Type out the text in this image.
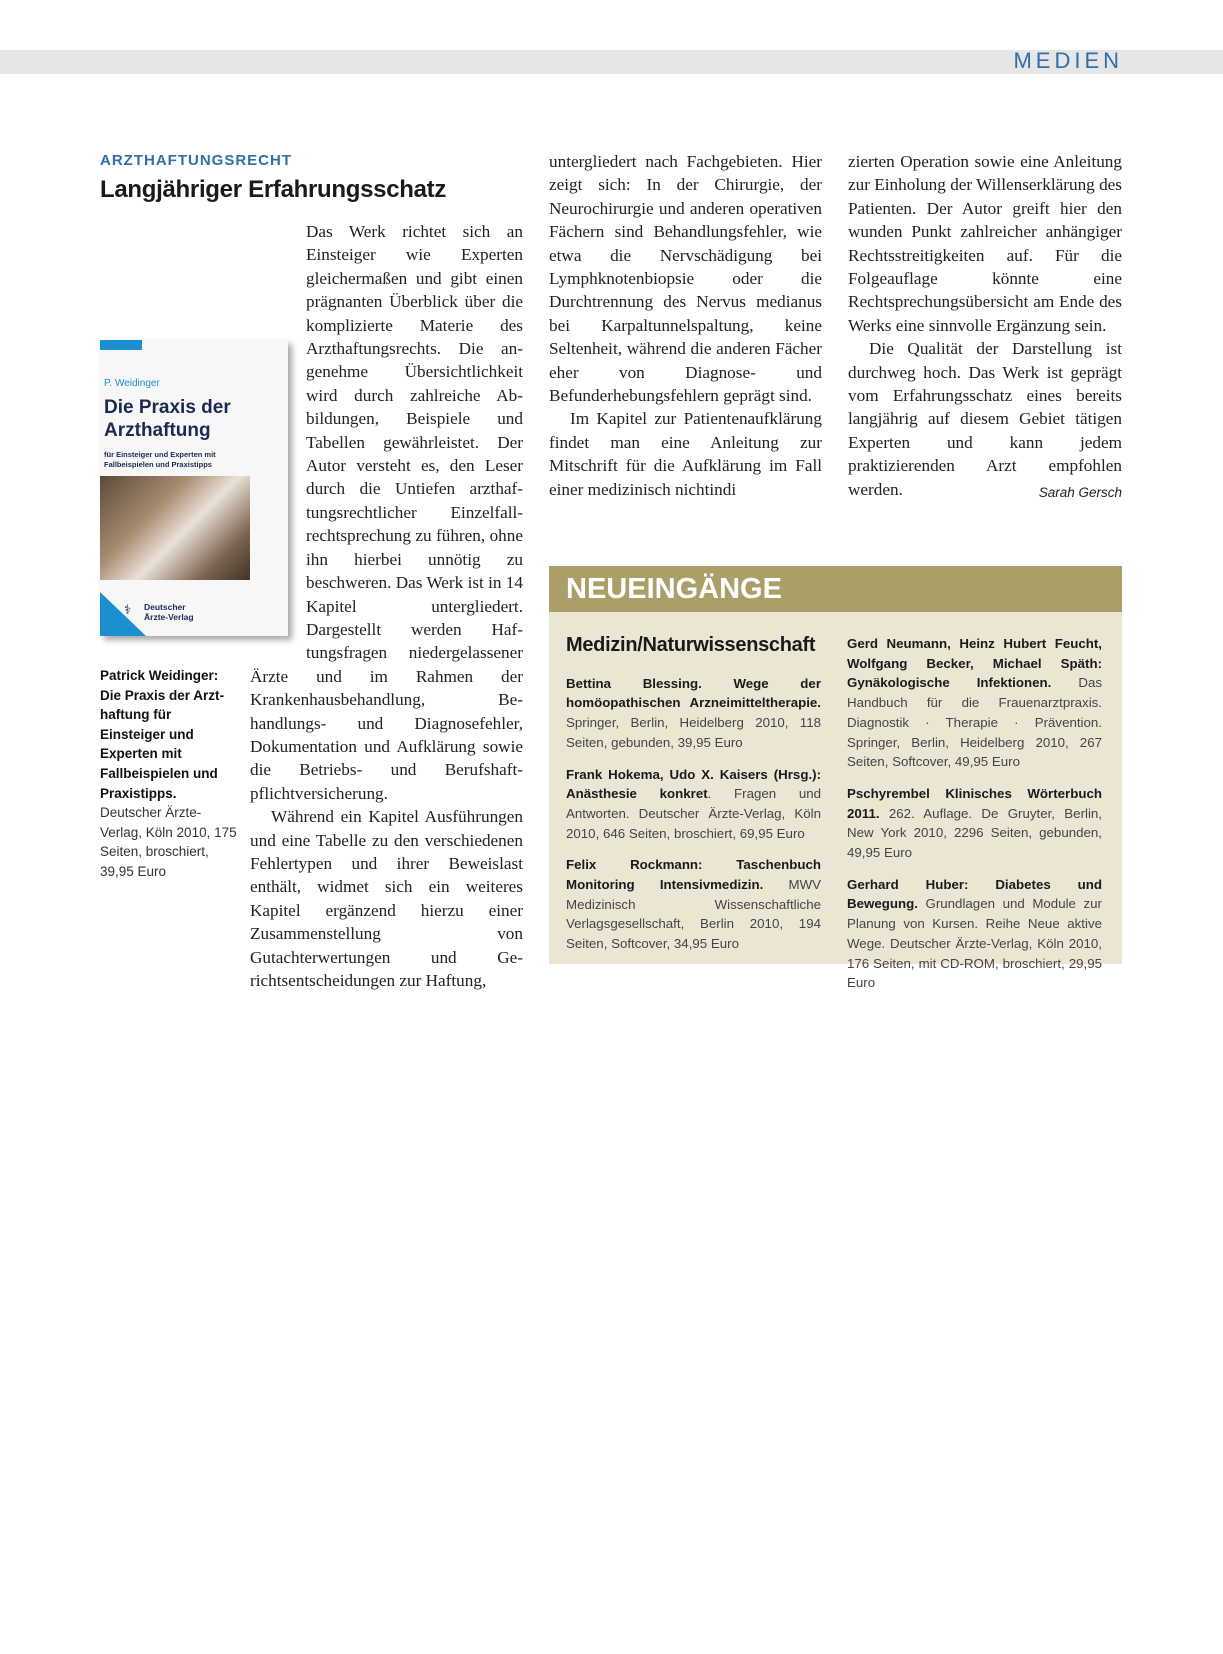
MEDIEN
ARZTHAFTUNGSRECHT
Langjähriger Erfahrungsschatz

Das Werk richtet sich an Einsteiger wie Experten gleichermaßen und gibt einen prägnanten Überblick über die komplizierte Materie des Arzthaftungsrechts. Die angenehme Übersichtlichkeit wird durch zahlreiche Abbildungen, Beispiele und Tabellen gewährleistet. Der Autor versteht es, den Leser durch die Untiefen arzthaftungsrechtlicher Einzelfallrechtsprechung zu führen, ohne ihn hierbei unnötig zu beschweren. Das Werk ist in 14 Kapitel untergliedert. Dargestellt werden Haftungsfragen niedergelassener Ärzte und im Rahmen der Krankenhausbehandlung, Behandlungs- und Diagnosefehler, Dokumentation und Aufklärung sowie die Betriebs- und Berufshaftpflichtversicherung.

Während ein Kapitel Ausführungen und eine Tabelle zu den verschiedenen Fehlertypen und ihrer Beweislast enthält, widmet sich ein weiteres Kapitel ergänzend hierzu einer Zusammenstellung von Gutachterwertungen und Gerichtsentscheidungen zur Haftung,

untergliedert nach Fachgebieten. Hier zeigt sich: In der Chirurgie, der Neurochirurgie und anderen operativen Fächern sind Behandlungsfehler, wie etwa die Nervschädigung bei Lymphknotenbiopsie oder die Durchtrennung des Nervus medianus bei Karpaltunnelspaltung, keine Seltenheit, während die anderen Fächer eher von Diagnose- und Befunderhebungsfehlern geprägt sind.

Im Kapitel zur Patientenaufklärung findet man eine Anleitung zur Mitschrift für die Aufklärung im Fall einer medizinisch nichtindi

zierten Operation sowie eine Anleitung zur Einholung der Willenserklärung des Patienten. Der Autor greift hier den wunden Punkt zahlreicher anhängiger Rechtsstreitigkeiten auf. Für die Folgeauflage könnte eine Rechtsprechungsübersicht am Ende des Werks eine sinnvolle Ergänzung sein.

Die Qualität der Darstellung ist durchweg hoch. Das Werk ist geprägt vom Erfahrungsschatz eines bereits langjährig auf diesem Gebiet tätigen Experten und kann jedem praktizierenden Arzt empfohlen werden.	Sarah Gersch

P. Weidinger
Die Praxis der Arzthaftung
für Einsteiger und Experten mit Fallbeispielen und Praxistipps
⚕ Deutscher Ärzte-Verlag
Patrick Weidinger: Die Praxis der Arzthaftung für Einsteiger und Experten mit Fallbeispielen und Praxistipps.
Deutscher Ärzte-Verlag, Köln 2010, 175 Seiten, broschiert, 39,95 Euro
NEUEINGÄNGE
Medizin/Naturwissenschaft

Bettina Blessing. Wege der homöopathischen Arzneimitteltherapie. Springer, Berlin, Heidelberg 2010, 118 Seiten, gebunden, 39,95 Euro

Frank Hokema, Udo X. Kaisers (Hrsg.): Anästhesie konkret. Fragen und Antworten. Deutscher Ärzte-Verlag, Köln 2010, 646 Seiten, broschiert, 69,95 Euro

Felix Rockmann: Taschenbuch Monitoring Intensivmedizin. MWV Medizinisch Wissenschaftliche Verlagsgesellschaft, Berlin 2010, 194 Seiten, Softcover, 34,95 Euro

Gerd Neumann, Heinz Hubert Feucht, Wolfgang Becker, Michael Späth: Gynäkologische Infektionen. Das Handbuch für die Frauenarztpraxis. Diagnostik · Therapie · Prävention. Springer, Berlin, Heidelberg 2010, 267 Seiten, Softcover, 49,95 Euro

Pschyrembel Klinisches Wörterbuch 2011. 262. Auflage. De Gruyter, Berlin, New York 2010, 2296 Seiten, gebunden, 49,95 Euro

Gerhard Huber: Diabetes und Bewegung. Grundlagen und Module zur Planung von Kursen. Reihe Neue aktive Wege. Deutscher Ärzte-Verlag, Köln 2010, 176 Seiten, mit CD-ROM, broschiert, 29,95 Euro
